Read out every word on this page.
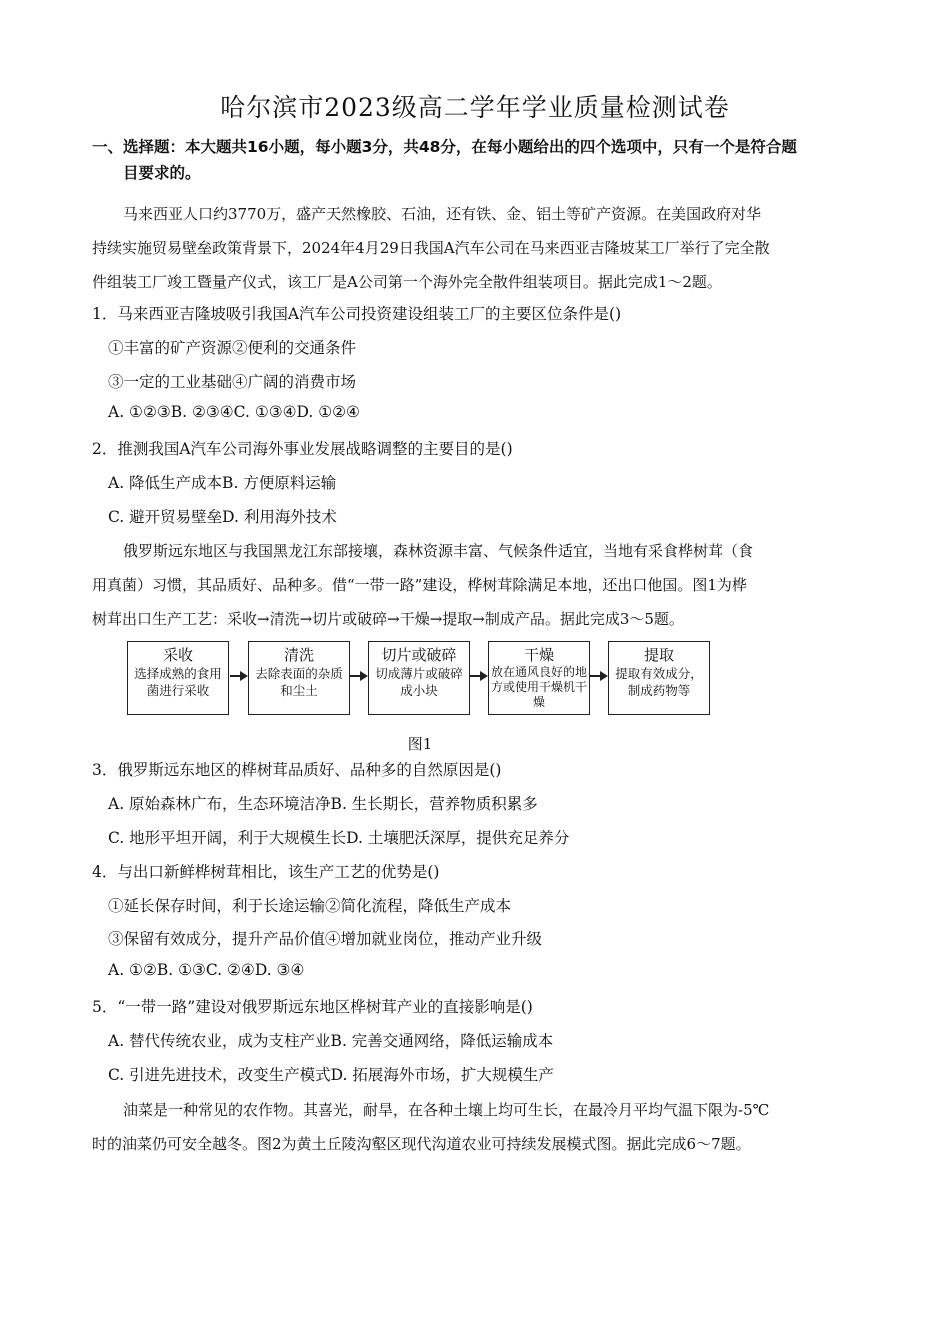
哈尔滨市2023级高二学年学业质量检测试卷
一、选择题：本大题共16小题，每小题3分，共48分，在每小题给出的四个选项中，只有一个是符合题
目要求的。
马来西亚人口约3770万，盛产天然橡胶、石油，还有铁、金、铝土等矿产资源。在美国政府对华
持续实施贸易壁垒政策背景下，2024年4月29日我国A汽车公司在马来西亚吉隆坡某工厂举行了完全散
件组装工厂竣工暨量产仪式，该工厂是A公司第一个海外完全散件组装项目。据此完成1～2题。
1．马来西亚吉隆坡吸引我国A汽车公司投资建设组装工厂的主要区位条件是()
①丰富的矿产资源②便利的交通条件
③一定的工业基础④广阔的消费市场
A. ①②③B. ②③④C. ①③④D. ①②④
2．推测我国A汽车公司海外事业发展战略调整的主要目的是()
A. 降低生产成本B. 方便原料运输
C. 避开贸易壁垒D. 利用海外技术
俄罗斯远东地区与我国黑龙江东部接壤，森林资源丰富、气候条件适宜，当地有采食桦树茸（食
用真菌）习惯，其品质好、品种多。借“一带一路”建设，桦树茸除满足本地，还出口他国。图1为桦
树茸出口生产工艺：采收→清洗→切片或破碎→干燥→提取→制成产品。据此完成3～5题。
采收
选择成熟的食用菌进行采收
清洗
去除表面的杂质和尘土
切片或破碎
切成薄片或破碎成小块
干燥
放在通风良好的地方或使用干燥机干燥
提取
提取有效成分，制成药物等
图1
3．俄罗斯远东地区的桦树茸品质好、品种多的自然原因是()
A. 原始森林广布，生态环境洁净B. 生长期长，营养物质积累多
C. 地形平坦开阔，利于大规模生长D. 土壤肥沃深厚，提供充足养分
4．与出口新鲜桦树茸相比，该生产工艺的优势是()
①延长保存时间，利于长途运输②简化流程，降低生产成本
③保留有效成分，提升产品价值④增加就业岗位，推动产业升级
A. ①②B. ①③C. ②④D. ③④
5．“一带一路”建设对俄罗斯远东地区桦树茸产业的直接影响是()
A. 替代传统农业，成为支柱产业B. 完善交通网络，降低运输成本
C. 引进先进技术，改变生产模式D. 拓展海外市场，扩大规模生产
油菜是一种常见的农作物。其喜光，耐旱，在各种土壤上均可生长，在最冷月平均气温下限为-5℃
时的油菜仍可安全越冬。图2为黄土丘陵沟壑区现代沟道农业可持续发展模式图。据此完成6～7题。
